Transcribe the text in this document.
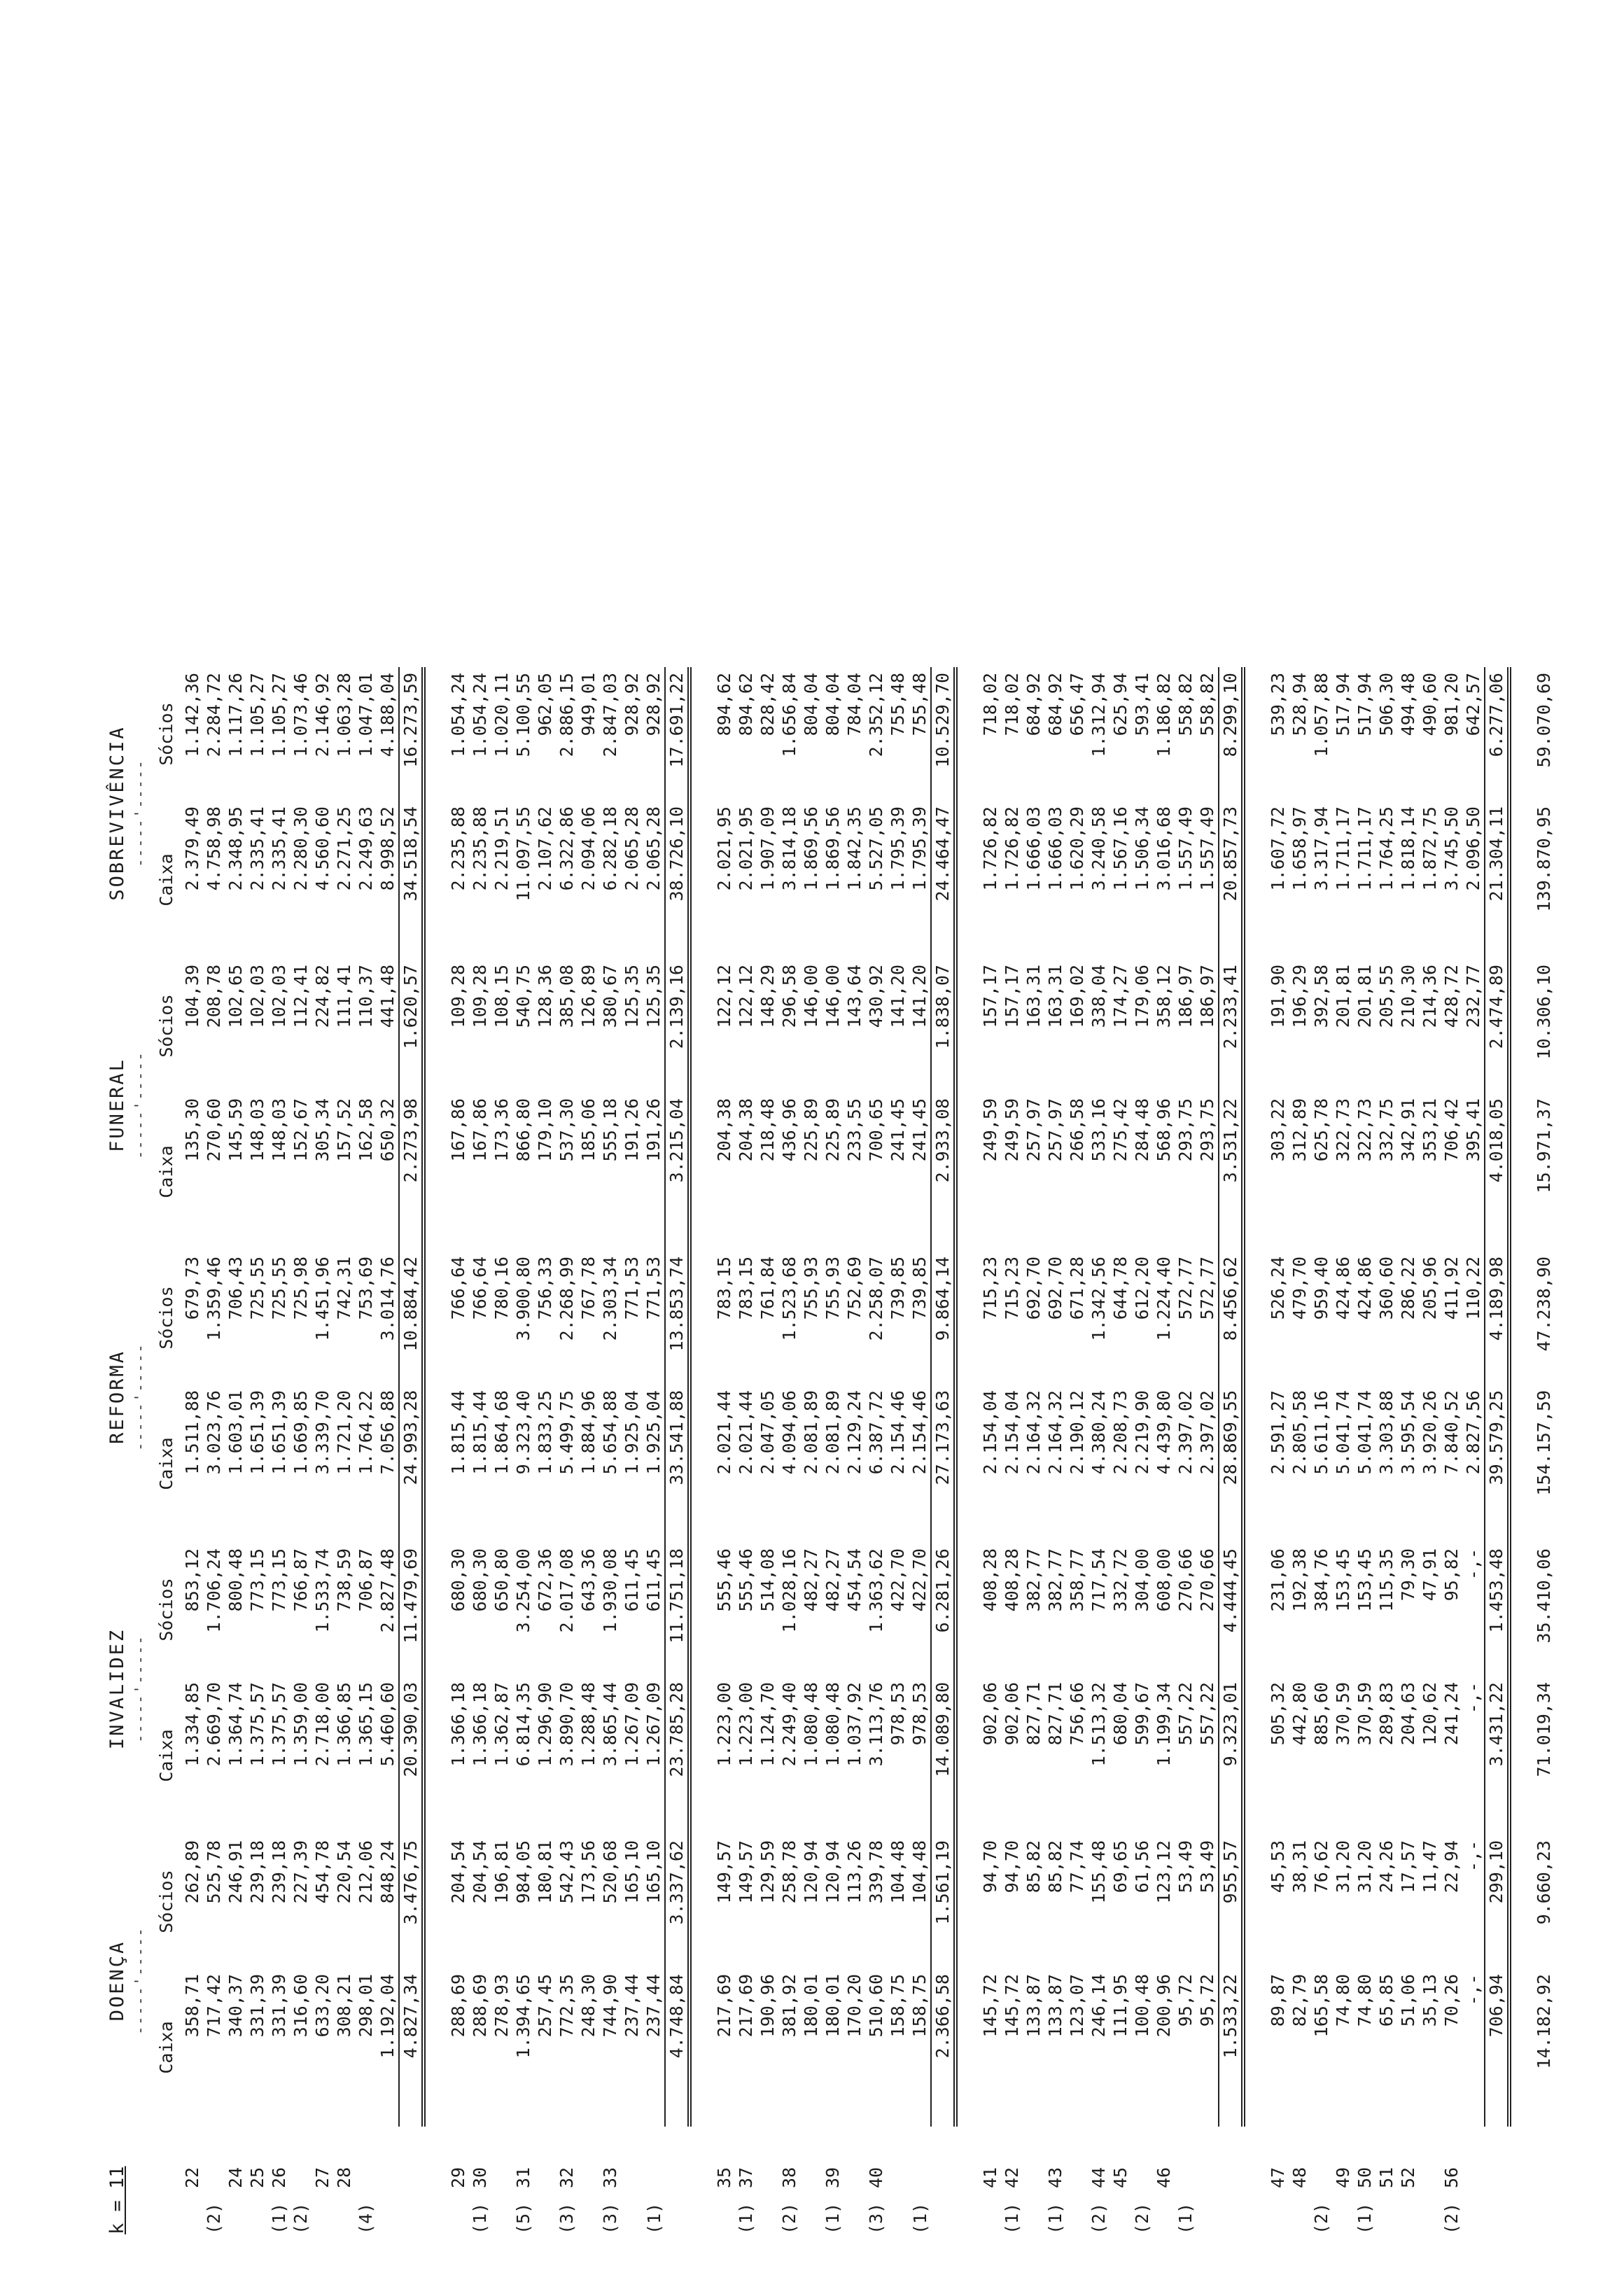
k = 11		DOENÇA		INVALIDEZ		REFORMA		FUNERAL		SOBREVIVÊNCIA	
		-----'-----		-----'-----		-----'-----		-----'-----		-----'-----	
		Caixa	Sócios	Caixa	Sócios	Caixa	Sócios	Caixa	Sócios	Caixa	Sócios
	22	358,71	262,89	1.334,85	853,12	1.511,88	679,73	135,30	104,39	2.379,49	1.142,36
(2)		717,42	525,78	2.669,70	1.706,24	3.023,76	1.359,46	270,60	208,78	4.758,98	2.284,72
	24	340,37	246,91	1.364,74	800,48	1.603,01	706,43	145,59	102,65	2.348,95	1.117,26
	25	331,39	239,18	1.375,57	773,15	1.651,39	725,55	148,03	102,03	2.335,41	1.105,27
(1)	26	331,39	239,18	1.375,57	773,15	1.651,39	725,55	148,03	102,03	2.335,41	1.105,27
(2)		316,60	227,39	1.359,00	766,87	1.669,85	725,98	152,67	112,41	2.280,30	1.073,46
	27	633,20	454,78	2.718,00	1.533,74	3.339,70	1.451,96	305,34	224,82	4.560,60	2.146,92
	28	308,21	220,54	1.366,85	738,59	1.721,20	742,31	157,52	111,41	2.271,25	1.063,28
(4)		298,01	212,06	1.365,15	706,87	1.764,22	753,69	162,58	110,37	2.249,63	1.047,01
		1.192,04	848,24	5.460,60	2.827,48	7.056,88	3.014,76	650,32	441,48	8.998,52	4.188,04
		4.827,34	3.476,75	20.390,03	11.479,69	24.993,28	10.884,42	2.273,98	1.620,57	34.518,54	16.273,59

	29	288,69	204,54	1.366,18	680,30	1.815,44	766,64	167,86	109,28	2.235,88	1.054,24
(1)	30	288,69	204,54	1.366,18	680,30	1.815,44	766,64	167,86	109,28	2.235,88	1.054,24
		278,93	196,81	1.362,87	650,80	1.864,68	780,16	173,36	108,15	2.219,51	1.020,11
(5)	31	1.394,65	984,05	6.814,35	3.254,00	9.323,40	3.900,80	866,80	540,75	11.097,55	5.100,55
		257,45	180,81	1.296,90	672,36	1.833,25	756,33	179,10	128,36	2.107,62	962,05
(3)	32	772,35	542,43	3.890,70	2.017,08	5.499,75	2.268,99	537,30	385,08	6.322,86	2.886,15
		248,30	173,56	1.288,48	643,36	1.884,96	767,78	185,06	126,89	2.094,06	949,01
(3)	33	744,90	520,68	3.865,44	1.930,08	5.654,88	2.303,34	555,18	380,67	6.282,18	2.847,03
		237,44	165,10	1.267,09	611,45	1.925,04	771,53	191,26	125,35	2.065,28	928,92
(1)		237,44	165,10	1.267,09	611,45	1.925,04	771,53	191,26	125,35	2.065,28	928,92
		4.748,84	3.337,62	23.785,28	11.751,18	33.541,88	13.853,74	3.215,04	2.139,16	38.726,10	17.691,22

	35	217,69	149,57	1.223,00	555,46	2.021,44	783,15	204,38	122,12	2.021,95	894,62
(1)	37	217,69	149,57	1.223,00	555,46	2.021,44	783,15	204,38	122,12	2.021,95	894,62
		190,96	129,59	1.124,70	514,08	2.047,05	761,84	218,48	148,29	1.907,09	828,42
(2)	38	381,92	258,78	2.249,40	1.028,16	4.094,06	1.523,68	436,96	296,58	3.814,18	1.656,84
		180,01	120,94	1.080,48	482,27	2.081,89	755,93	225,89	146,00	1.869,56	804,04
(1)	39	180,01	120,94	1.080,48	482,27	2.081,89	755,93	225,89	146,00	1.869,56	804,04
		170,20	113,26	1.037,92	454,54	2.129,24	752,69	233,55	143,64	1.842,35	784,04
(3)	40	510,60	339,78	3.113,76	1.363,62	6.387,72	2.258,07	700,65	430,92	5.527,05	2.352,12
		158,75	104,48	978,53	422,70	2.154,46	739,85	241,45	141,20	1.795,39	755,48
(1)		158,75	104,48	978,53	422,70	2.154,46	739,85	241,45	141,20	1.795,39	755,48
		2.366,58	1.561,19	14.089,80	6.281,26	27.173,63	9.864,14	2.933,08	1.838,07	24.464,47	10.529,70

	41	145,72	94,70	902,06	408,28	2.154,04	715,23	249,59	157,17	1.726,82	718,02
(1)	42	145,72	94,70	902,06	408,28	2.154,04	715,23	249,59	157,17	1.726,82	718,02
		133,87	85,82	827,71	382,77	2.164,32	692,70	257,97	163,31	1.666,03	684,92
(1)	43	133,87	85,82	827,71	382,77	2.164,32	692,70	257,97	163,31	1.666,03	684,92
		123,07	77,74	756,66	358,77	2.190,12	671,28	266,58	169,02	1.620,29	656,47
(2)	44	246,14	155,48	1.513,32	717,54	4.380,24	1.342,56	533,16	338,04	3.240,58	1.312,94
	45	111,95	69,65	680,04	332,72	2.208,73	644,78	275,42	174,27	1.567,16	625,94
(2)		100,48	61,56	599,67	304,00	2.219,90	612,20	284,48	179,06	1.506,34	593,41
	46	200,96	123,12	1.199,34	608,00	4.439,80	1.224,40	568,96	358,12	3.016,68	1.186,82
(1)		95,72	53,49	557,22	270,66	2.397,02	572,77	293,75	186,97	1.557,49	558,82
		95,72	53,49	557,22	270,66	2.397,02	572,77	293,75	186,97	1.557,49	558,82
		1.533,22	955,57	9.323,01	4.444,45	28.869,55	8.456,62	3.531,22	2.233,41	20.857,73	8.299,10

	47	89,87	45,53	505,32	231,06	2.591,27	526,24	303,22	191,90	1.607,72	539,23
	48	82,79	38,31	442,80	192,38	2.805,58	479,70	312,89	196,29	1.658,97	528,94
(2)		165,58	76,62	885,60	384,76	5.611,16	959,40	625,78	392,58	3.317,94	1.057,88
	49	74,80	31,20	370,59	153,45	5.041,74	424,86	322,73	201,81	1.711,17	517,94
(1)	50	74,80	31,20	370,59	153,45	5.041,74	424,86	322,73	201,81	1.711,17	517,94
	51	65,85	24,26	289,83	115,35	3.303,88	360,60	332,75	205,55	1.764,25	506,30
	52	51,06	17,57	204,63	79,30	3.595,54	286,22	342,91	210,30	1.818,14	494,48
		35,13	11,47	120,62	47,91	3.920,26	205,96	353,21	214,36	1.872,75	490,60
(2)	56	70,26	22,94	241,24	95,82	7.840,52	411,92	706,42	428,72	3.745,50	981,20
		-,-	-,-	-,-	-,-	2.827,56	110,22	395,41	232,77	2.096,50	642,57
		706,94	299,10	3.431,22	1.453,48	39.579,25	4.189,98	4.018,05	2.474,89	21.304,11	6.277,06

		14.182,92	9.660,23	71.019,34	35.410,06	154.157,59	47.238,90	15.971,37	10.306,10	139.870,95	59.070,69
